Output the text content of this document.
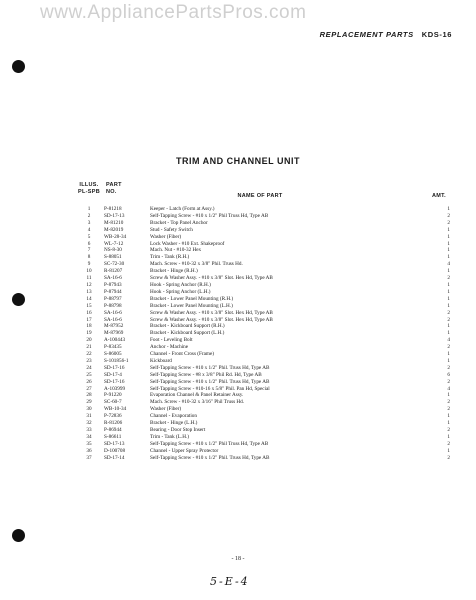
www.AppliancePartsPros.com
REPLACEMENT PARTS KDS-16
TRIM AND CHANNEL UNIT
ILLUS.
PL-SPB
PART
NO.
NAME OF PART	AMT.
1	P-81218	Keeper - Latch (Form at Assy.)	1
2	SD-17-13	Self-Tapping Screw - #10 x 1/2" Phil Truss Hd, Type AB	2
3	M-81210	Bracket - Top Panel Anchor	2
4	M-82019	Stud - Safety Switch	1
5	WB-28-34	Washer (Fiber)	1
6	WL-7-12	Lock Washer - #10 Ext. Shakeproof	1
7	NS-8-30	Mach. Nut - #10-32 Hex	1
8	S-88051	Trim - Tank (R.H.)	1
9	SC-72-30	Mach. Screw - #10-32 x 3/8" Phil. Truss Hd.	4
10	R-81207	Bracket - Hinge (R.H.)	1
11	SA-16-6	Screw & Washer Assy. - #10 x 3/8" Slot. Hex Hd, Type AB	2
12	P-87943	Hook - Spring Anchor (R.H.)	1
13	P-87944	Hook - Spring Anchor (L.H.)	1
14	P-88797	Bracket - Lower Panel Mounting (R.H.)	1
15	P-88798	Bracket - Lower Panel Mounting (L.H.)	1
16	SA-16-6	Screw & Washer Assy. - #10 x 3/8" Slot. Hex Hd, Type AB	2
17	SA-16-6	Screw & Washer Assy. - #10 x 3/8" Slot. Hex Hd, Type AB	2
18	M-87952	Bracket - Kickboard Support (R.H.)	1
19	M-87969	Bracket - Kickboard Support (L.H.)	1
20	A-100443	Foot - Leveling Bolt	4
21	P-83435	Anchor - Machine	2
22	S-86005	Channel - Front Cross (Frame)	1
23	S-101856-1	Kickboard	1
24	SD-17-16	Self-Tapping Screw - #10 x 1/2" Phil. Truss Hd, Type AB	2
25	SD-17-4	Self-Tapping Screw - #8 x 3/8" Phil Rd. Hd, Type AB	6
26	SD-17-16	Self-Tapping Screw - #10 x 1/2" Phil. Truss Hd, Type AB	2
27	A-103999	Self-Tapping Screw - #10-16 x 5/8" Phil. Pan Hd, Special	4
28	P-91220	Evaporation Channel & Panel Retainer Assy.	1
29	SC-60-7	Mach. Screw - #10-32 x 3/16" Phil Truss Hd.	2
30	WB-10-34	Washer (Fiber)	2
31	P-72836	Channel - Evaporation	1
32	R-81206	Bracket - Hinge (L.H.)	1
33	P-86944	Bearing - Door Stop Insert	2
34	S-86611	Trim - Tank (L.H.)	1
35	SD-17-13	Self-Tapping Screw - #10 x 1/2" Phil Truss Hd, Type AB	2
36	D-100708	Channel - Upper Spray Protector	1
37	SD-17-14	Self-Tapping Screw - #10 x 1/2" Phil. Truss Hd, Type AB	2
- 18 -
5-E-4
